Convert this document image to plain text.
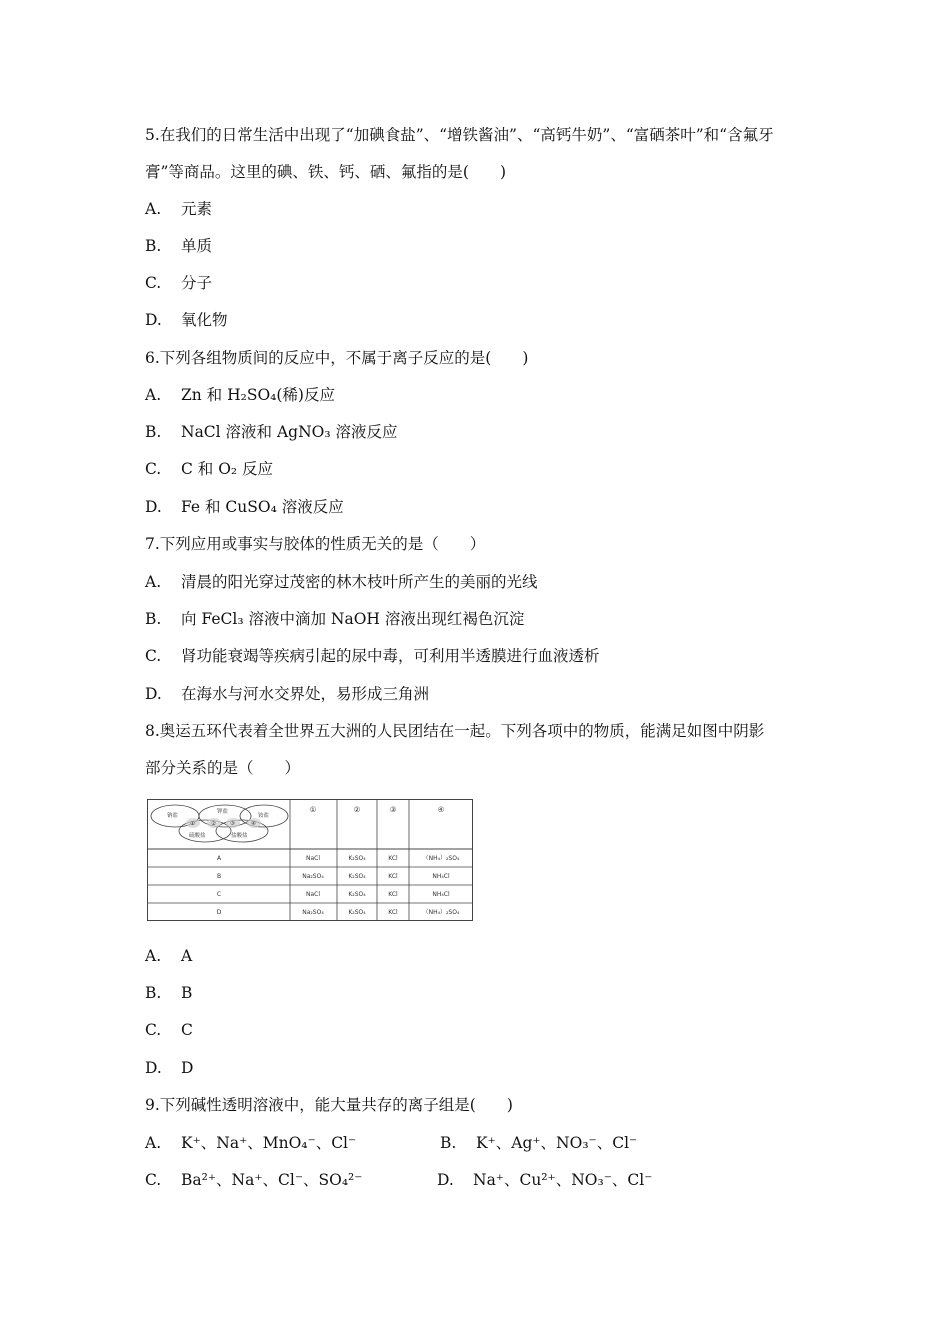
5.在我们的日常生活中出现了“加碘食盐”、“增铁酱油”、“高钙牛奶”、“富硒茶叶”和“含氟牙
膏”等商品。这里的碘、铁、钙、硒、氟指的是(　　)
A. 元素
B. 单质
C. 分子
D. 氧化物
6.下列各组物质间的反应中，不属于离子反应的是(　　)
A. Zn 和 H₂SO₄(稀)反应
B. NaCl 溶液和 AgNO₃ 溶液反应
C. C 和 O₂ 反应
D. Fe 和 CuSO₄ 溶液反应
7.下列应用或事实与胶体的性质无关的是（　　）
A. 清晨的阳光穿过茂密的林木枝叶所产生的美丽的光线
B. 向 FeCl₃ 溶液中滴加 NaOH 溶液出现红褐色沉淀
C. 肾功能衰竭等疾病引起的尿中毒，可利用半透膜进行血液透析
D. 在海水与河水交界处，易形成三角洲
8.奥运五环代表着全世界五大洲的人民团结在一起。下列各项中的物质，能满足如图中阴影
部分关系的是（　　）
钠盐
钾盐
铵盐
硫酸盐	盐酸盐
①	②	③	④
①	②	③	④
A	NaCl	K₂SO₄	KCl	（NH₄）₂SO₄
B	Na₂SO₄	K₂SO₄	KCl	NH₄Cl
C	NaCl	K₂SO₄	KCl	NH₄Cl
D	Na₂SO₄	K₂SO₄	KCl	（NH₄）₂SO₄
A. A
B. B
C. C
D. D
9.下列碱性透明溶液中，能大量共存的离子组是(　　)
A. K⁺、Na⁺、MnO₄⁻、Cl⁻	B. K⁺、Ag⁺、NO₃⁻、Cl⁻
C. Ba²⁺、Na⁺、Cl⁻、SO₄²⁻	D. Na⁺、Cu²⁺、NO₃⁻、Cl⁻
